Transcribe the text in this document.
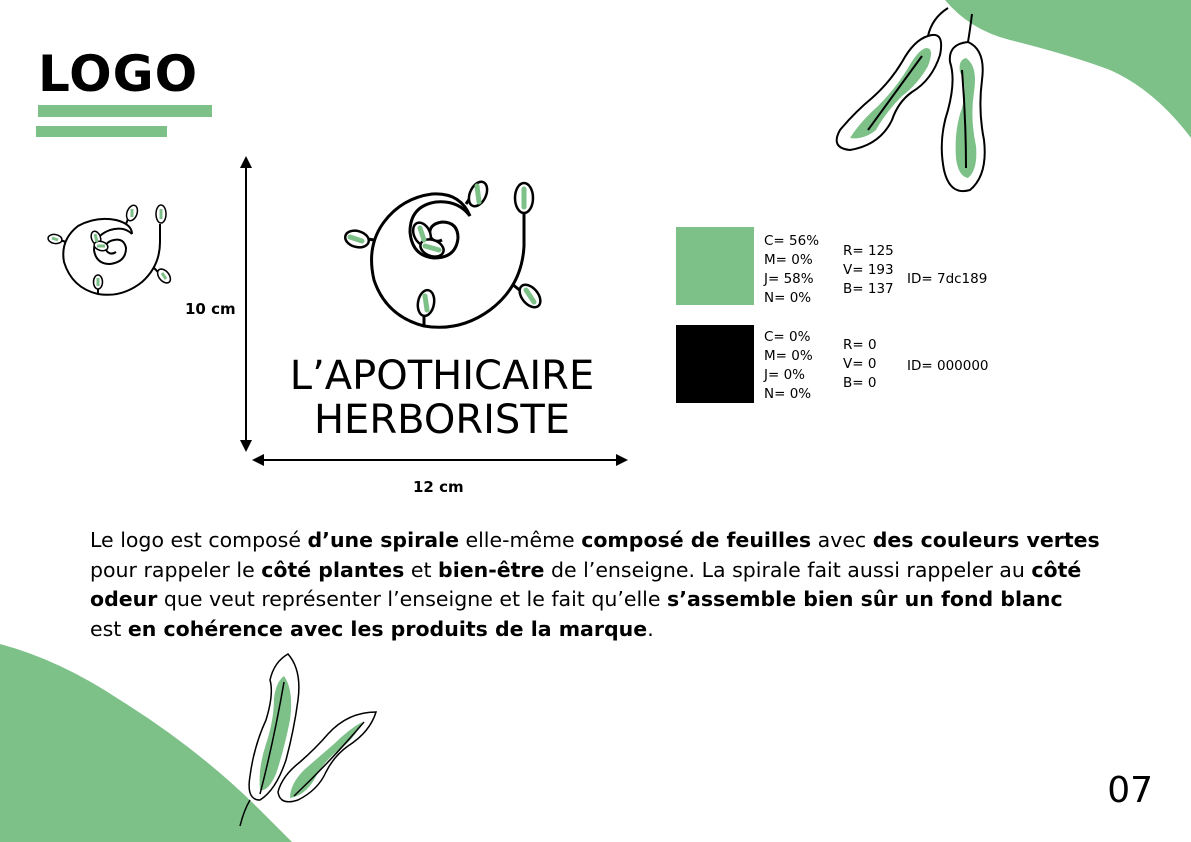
LOGO
10 cm
12 cm
L’APOTHICAIRE
HERBORISTE
C= 56%
M= 0%
J= 58%
N= 0%
R= 125
V= 193
B= 137
ID= 7dc189
C= 0%
M= 0%
J= 0%
N= 0%
R= 0
V= 0
B= 0
ID= 000000
Le logo est composé d’une spirale elle-même composé de feuilles avec des couleurs vertes pour rappeler le côté plantes et bien-être de l’enseigne. La spirale fait aussi rappeler au côté odeur que veut représenter l’enseigne et le fait qu’elle s’assemble bien sûr un fond blanc est en cohérence avec les produits de la marque.
07
